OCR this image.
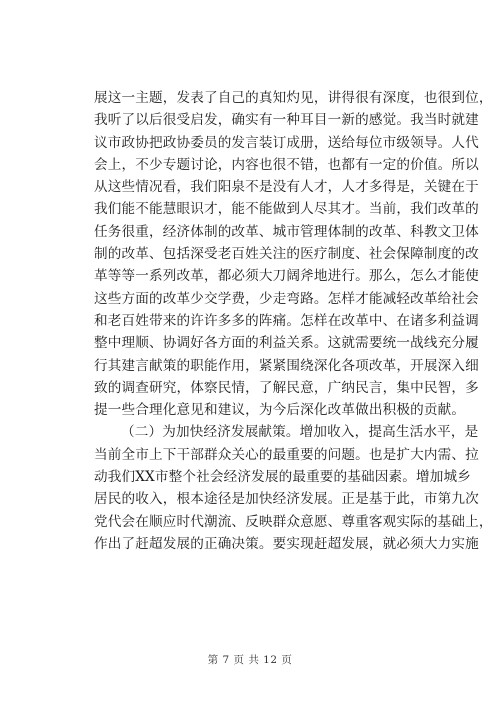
展这一主题，发表了自己的真知灼见，讲得很有深度，也很到位，
我听了以后很受启发，确实有一种耳目一新的感觉。我当时就建
议市政协把政协委员的发言装订成册，送给每位市级领导。人代
会上，不少专题讨论，内容也很不错，也都有一定的价值。所以
从这些情况看，我们阳泉不是没有人才，人才多得是，关键在于
我们能不能慧眼识才，能不能做到人尽其才。当前，我们改革的
任务很重，经济体制的改革、城市管理体制的改革、科教文卫体
制的改革、包括深受老百姓关注的医疗制度、社会保障制度的改
革等等一系列改革，都必须大刀阔斧地进行。那么，怎么才能使
这些方面的改革少交学费，少走弯路。怎样才能减轻改革给社会
和老百姓带来的许许多多的阵痛。怎样在改革中、在诸多利益调
整中理顺、协调好各方面的利益关系。这就需要统一战线充分履
行其建言献策的职能作用，紧紧围绕深化各项改革，开展深入细
致的调查研究，体察民情，了解民意，广纳民言，集中民智，多
提一些合理化意见和建议，为今后深化改革做出积极的贡献。
（二）为加快经济发展献策。增加收入，提高生活水平，是
当前全市上下干部群众关心的最重要的问题。也是扩大内需、拉
动我们XX市整个社会经济发展的最重要的基础因素。增加城乡
居民的收入，根本途径是加快经济发展。正是基于此，市第九次
党代会在顺应时代潮流、反映群众意愿、尊重客观实际的基础上，
作出了赶超发展的正确决策。要实现赶超发展，就必须大力实施
第 7 页 共 12 页
